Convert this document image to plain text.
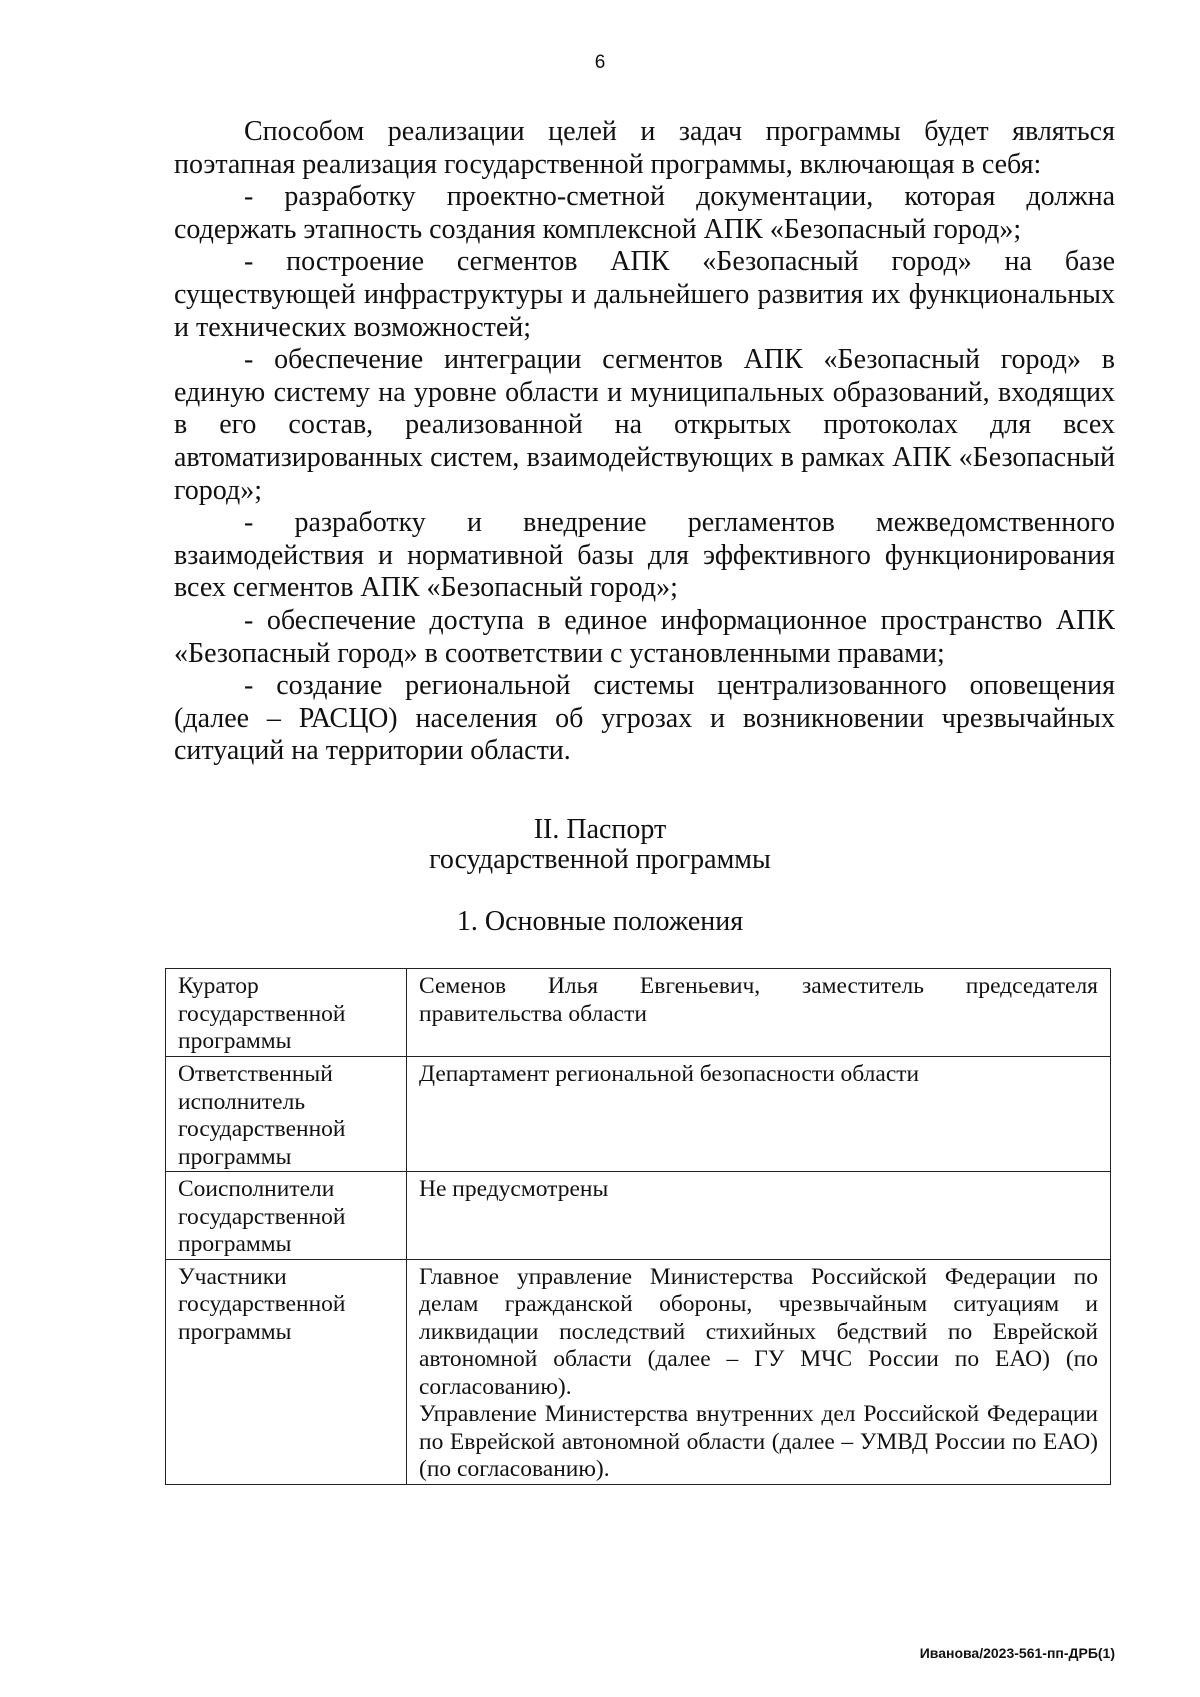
6

Способом реализации целей и задач программы будет являться поэтапная реализация государственной программы, включающая в себя:

- разработку проектно-сметной документации, которая должна содержать этапность создания комплексной АПК «Безопасный город»;

- построение сегментов АПК «Безопасный город» на базе существующей инфраструктуры и дальнейшего развития их функциональных и технических возможностей;

- обеспечение интеграции сегментов АПК «Безопасный город» в единую систему на уровне области и муниципальных образований, входящих в его состав, реализованной на открытых протоколах для всех автоматизированных систем, взаимодействующих в рамках АПК «Безопасный город»;

- разработку и внедрение регламентов межведомственного взаимодействия и нормативной базы для эффективного функционирования всех сегментов АПК «Безопасный город»;

- обеспечение доступа в единое информационное пространство АПК «Безопасный город» в соответствии с установленными правами;

- создание региональной системы централизованного оповещения (далее – РАСЦО) населения об угрозах и возникновении чрезвычайных ситуаций на территории области.

II. Паспорт
государственной программы
1. Основные положения
Куратор государственной программы	Семенов Илья Евгеньевич, заместитель председателя правительства области
Ответственный исполнитель государственной программы	Департамент региональной безопасности области
Соисполнители государственной программы	Не предусмотрены
Участники государственной программы	Главное управление Министерства Российской Федерации по делам гражданской обороны, чрезвычайным ситуациям и ликвидации последствий стихийных бедствий по Еврейской автономной области (далее – ГУ МЧС России по ЕАО) (по согласованию).
Управление Министерства внутренних дел Российской Федерации по Еврейской автономной области (далее – УМВД России по ЕАО) (по согласованию).
Иванова/2023-561-пп-ДРБ(1)
